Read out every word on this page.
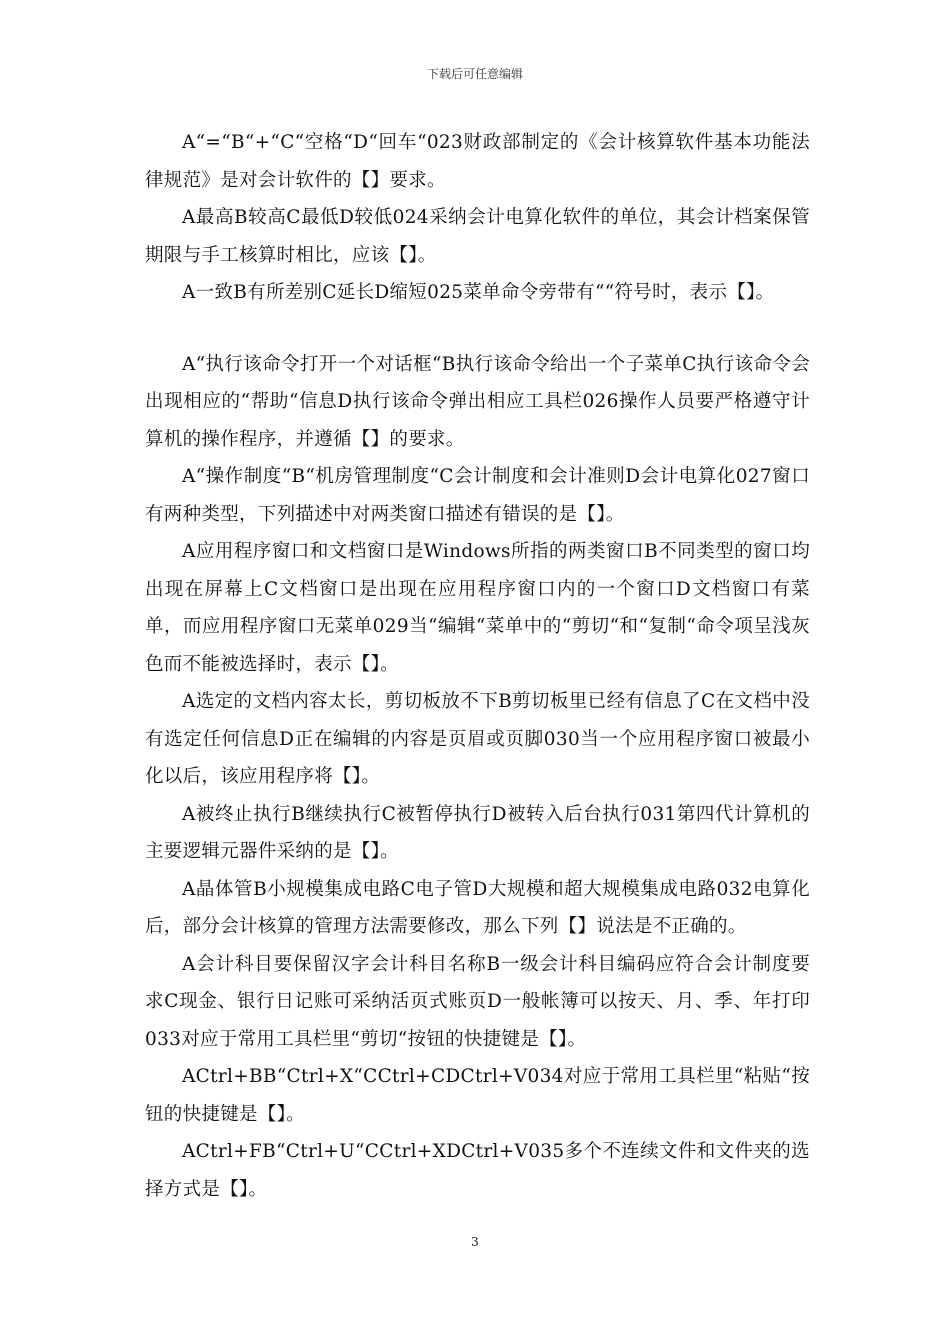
下载后可任意编辑

A“=“B“+“C“空格“D“回车“023财政部制定的《会计核算软件基本功能法律规范》是对会计软件的【】要求。

A最高B较高C最低D较低024采纳会计电算化软件的单位，其会计档案保管期限与手工核算时相比，应该【】。

A一致B有所差别C延长D缩短025菜单命令旁带有““符号时，表示【】。

A“执行该命令打开一个对话框“B执行该命令给出一个子菜单C执行该命令会出现相应的“帮助“信息D执行该命令弹出相应工具栏026操作人员要严格遵守计算机的操作程序，并遵循【】的要求。

A“操作制度“B“机房管理制度“C会计制度和会计准则D会计电算化027窗口有两种类型，下列描述中对两类窗口描述有错误的是【】。

A应用程序窗口和文档窗口是Windows所指的两类窗口B不同类型的窗口均出现在屏幕上C文档窗口是出现在应用程序窗口内的一个窗口D文档窗口有菜单，而应用程序窗口无菜单029当“编辑“菜单中的“剪切“和“复制“命令项呈浅灰色而不能被选择时，表示【】。

A选定的文档内容太长，剪切板放不下B剪切板里已经有信息了C在文档中没有选定任何信息D正在编辑的内容是页眉或页脚030当一个应用程序窗口被最小化以后，该应用程序将【】。

A被终止执行B继续执行C被暂停执行D被转入后台执行031第四代计算机的主要逻辑元器件采纳的是【】。

A晶体管B小规模集成电路C电子管D大规模和超大规模集成电路032电算化后，部分会计核算的管理方法需要修改，那么下列【】说法是不正确的。

A会计科目要保留汉字会计科目名称B一级会计科目编码应符合会计制度要求C现金、银行日记账可采纳活页式账页D一般帐簿可以按天、月、季、年打印033对应于常用工具栏里“剪切“按钮的快捷键是【】。

ACtrl+BB“Ctrl+X“CCtrl+CDCtrl+V034对应于常用工具栏里“粘贴“按钮的快捷键是【】。

ACtrl+FB“Ctrl+U“CCtrl+XDCtrl+V035多个不连续文件和文件夹的选择方式是【】。

3
